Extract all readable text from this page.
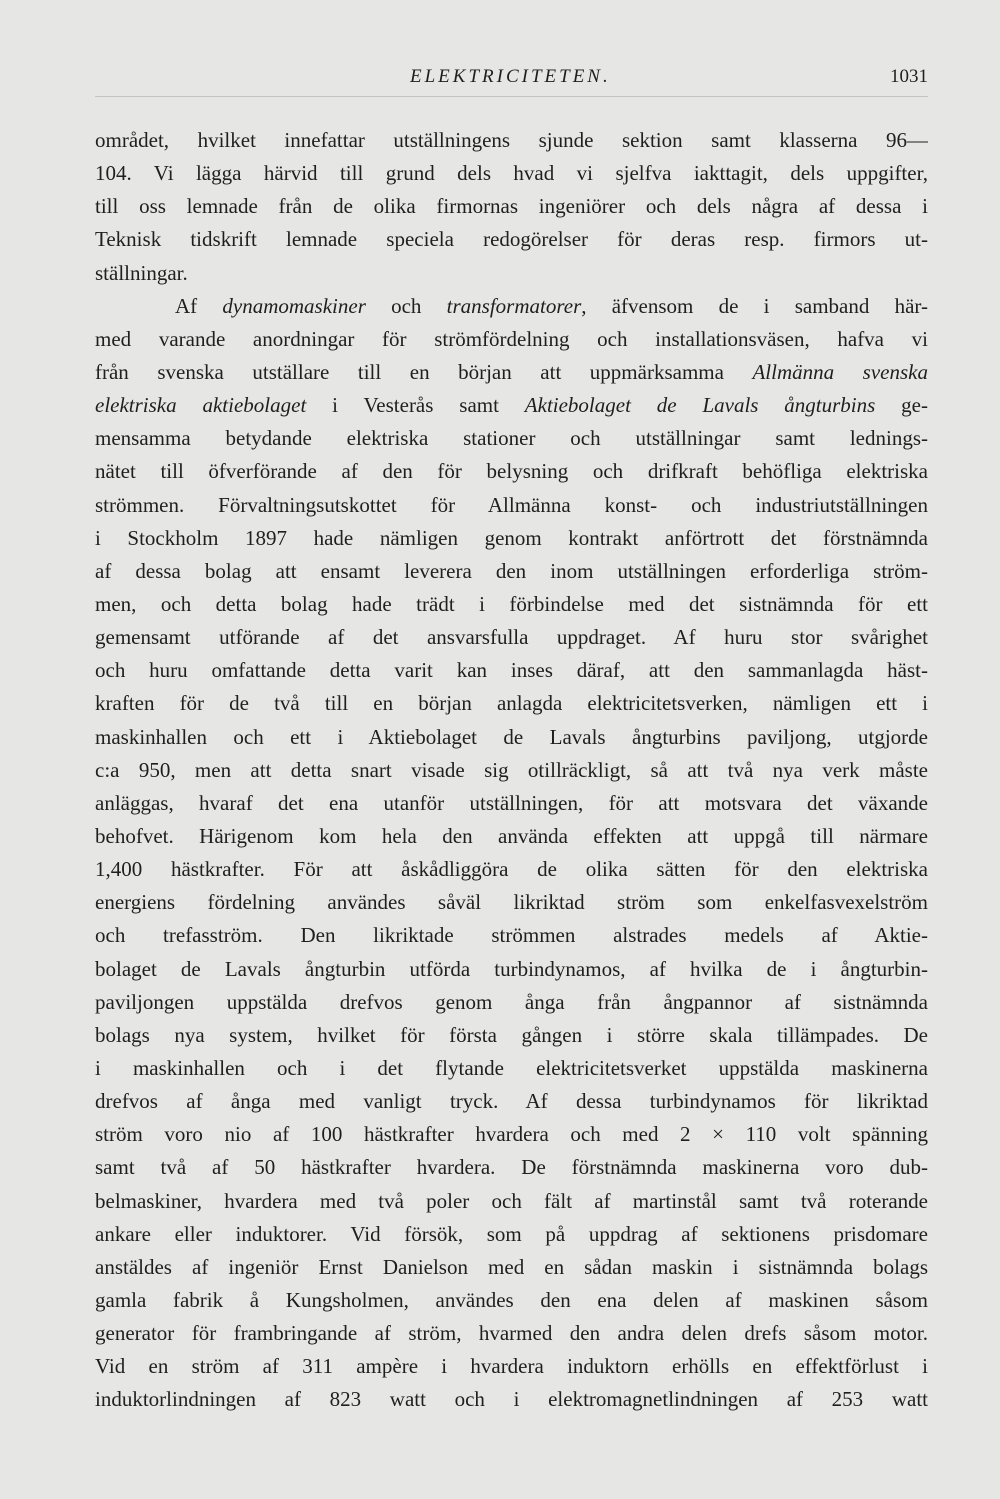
ELEKTRICITETEN.	1031
området, hvilket innefattar utställningens sjunde sektion samt klasserna 96—
104. Vi lägga härvid till grund dels hvad vi sjelfva iakttagit, dels uppgifter,
till oss lemnade från de olika firmornas ingeniörer och dels några af dessa i
Teknisk tidskrift lemnade speciela redogörelser för deras resp. firmors ut-
ställningar.
Af dynamomaskiner och transformatorer, äfvensom de i samband här-
med varande anordningar för strömfördelning och installationsväsen, hafva vi
från svenska utställare till en början att uppmärksamma Allmänna svenska
elektriska aktiebolaget i Vesterås samt Aktiebolaget de Lavals ångturbins ge-
mensamma betydande elektriska stationer och utställningar samt lednings-
nätet till öfverförande af den för belysning och drifkraft behöfliga elektriska
strömmen. Förvaltningsutskottet för Allmänna konst- och industriutställningen
i Stockholm 1897 hade nämligen genom kontrakt anförtrott det förstnämnda
af dessa bolag att ensamt leverera den inom utställningen erforderliga ström-
men, och detta bolag hade trädt i förbindelse med det sistnämnda för ett
gemensamt utförande af det ansvarsfulla uppdraget. Af huru stor svårighet
och huru omfattande detta varit kan inses däraf, att den sammanlagda häst-
kraften för de två till en början anlagda elektricitetsverken, nämligen ett i
maskinhallen och ett i Aktiebolaget de Lavals ångturbins paviljong, utgjorde
c:a 950, men att detta snart visade sig otillräckligt, så att två nya verk måste
anläggas, hvaraf det ena utanför utställningen, för att motsvara det växande
behofvet. Härigenom kom hela den använda effekten att uppgå till närmare
1,400 hästkrafter. För att åskådliggöra de olika sätten för den elektriska
energiens fördelning användes såväl likriktad ström som enkelfasvexelström
och trefasström. Den likriktade strömmen alstrades medels af Aktie-
bolaget de Lavals ångturbin utförda turbindynamos, af hvilka de i ångturbin-
paviljongen uppstälda drefvos genom ånga från ångpannor af sistnämnda
bolags nya system, hvilket för första gången i större skala tillämpades. De
i maskinhallen och i det flytande elektricitetsverket uppstälda maskinerna
drefvos af ånga med vanligt tryck. Af dessa turbindynamos för likriktad
ström voro nio af 100 hästkrafter hvardera och med 2 × 110 volt spänning
samt två af 50 hästkrafter hvardera. De förstnämnda maskinerna voro dub-
belmaskiner, hvardera med två poler och fält af martinstål samt två roterande
ankare eller induktorer. Vid försök, som på uppdrag af sektionens prisdomare
anstäldes af ingeniör Ernst Danielson med en sådan maskin i sistnämnda bolags
gamla fabrik å Kungsholmen, användes den ena delen af maskinen såsom
generator för frambringande af ström, hvarmed den andra delen drefs såsom motor.
Vid en ström af 311 ampère i hvardera induktorn erhölls en effektförlust i
induktorlindningen af 823 watt och i elektromagnetlindningen af 253 watt
